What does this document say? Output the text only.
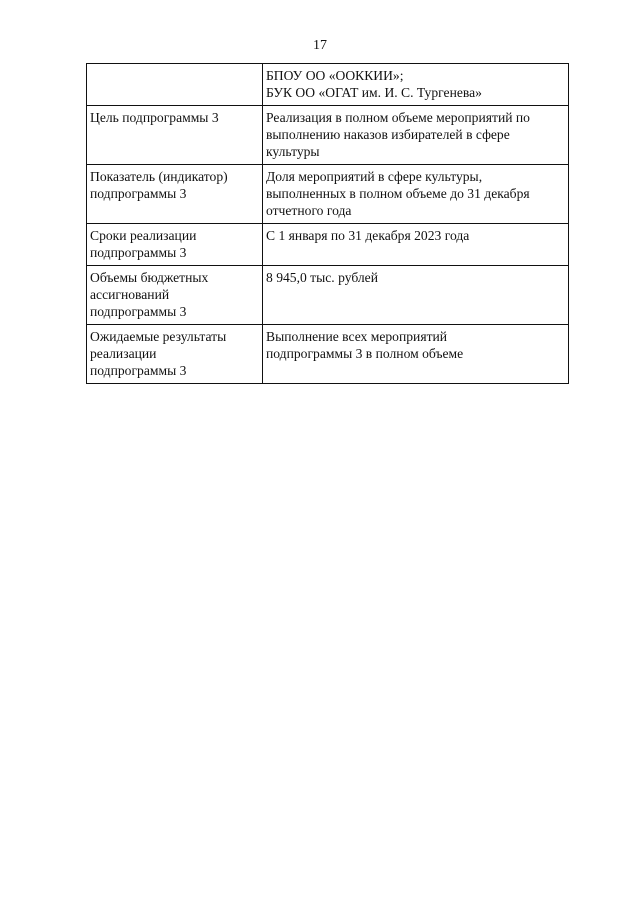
17

	БПОУ ОО «ООККИИ»;
БУК ОО «ОГАТ им. И. С. Тургенева»

Цель подпрограммы 3	Реализация в полном объеме мероприятий по
выполнению наказов избирателей в сфере
культуры

Показатель (индикатор)
подпрограммы 3	Доля мероприятий в сфере культуры,
выполненных в полном объеме до 31 декабря
отчетного года

Сроки реализации
подпрограммы 3	С 1 января по 31 декабря 2023 года

Объемы бюджетных
ассигнований
подпрограммы 3	8 945,0 тыс. рублей

Ожидаемые результаты
реализации
подпрограммы 3	Выполнение всех мероприятий
подпрограммы 3 в полном объеме
